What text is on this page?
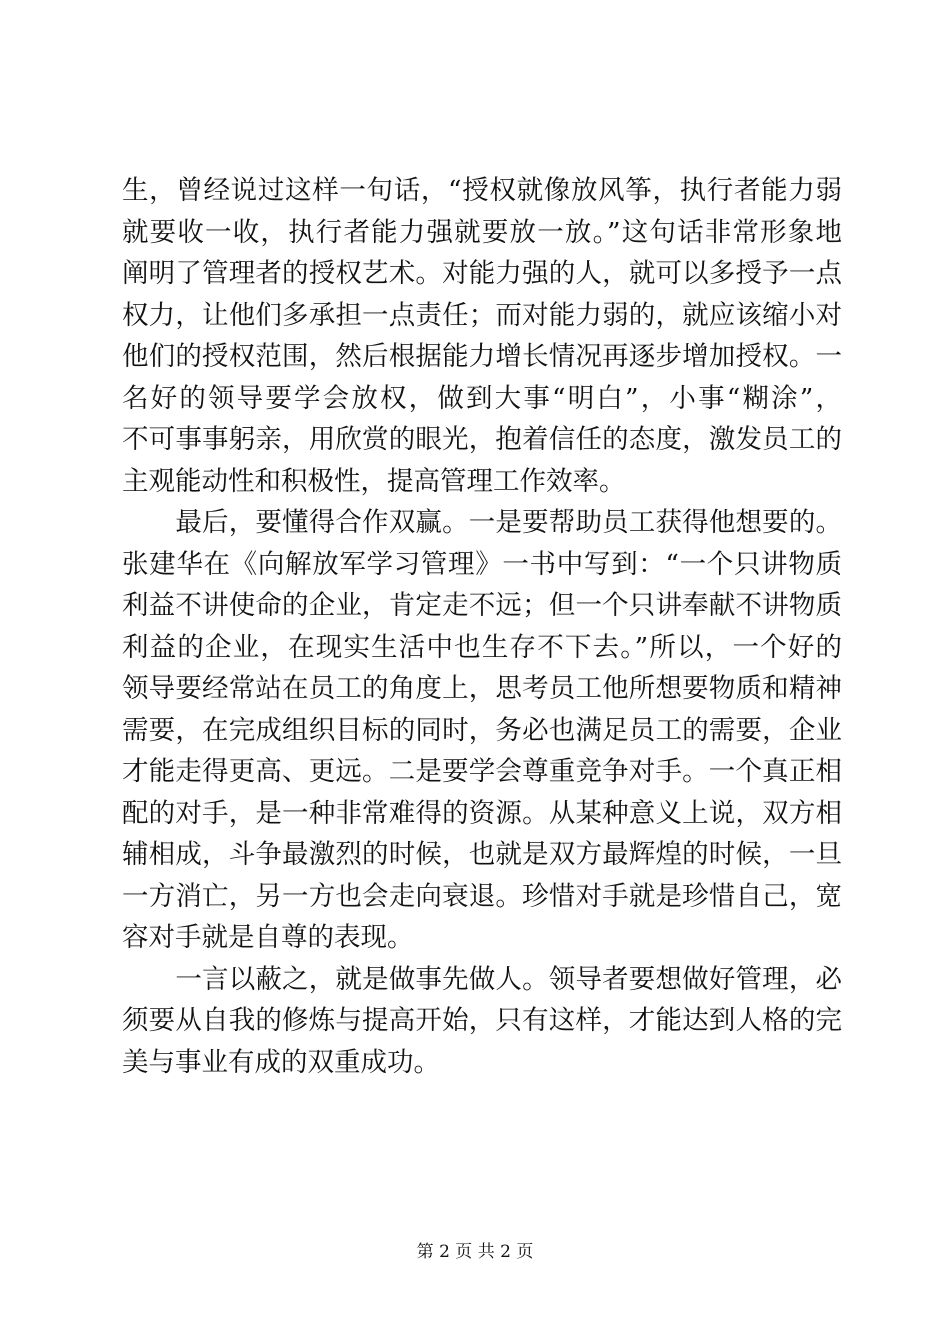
生，曾经说过这样一句话，“授权就像放风筝，执行者能力弱
就要收一收，执行者能力强就要放一放。”这句话非常形象地
阐明了管理者的授权艺术。对能力强的人，就可以多授予一点
权力，让他们多承担一点责任；而对能力弱的，就应该缩小对
他们的授权范围，然后根据能力增长情况再逐步增加授权。一
名好的领导要学会放权，做到大事“明白”，小事“糊涂”，
不可事事躬亲，用欣赏的眼光，抱着信任的态度，激发员工的
主观能动性和积极性，提高管理工作效率。
　　最后，要懂得合作双赢。一是要帮助员工获得他想要的。
张建华在《向解放军学习管理》一书中写到：“一个只讲物质
利益不讲使命的企业，肯定走不远；但一个只讲奉献不讲物质
利益的企业，在现实生活中也生存不下去。”所以，一个好的
领导要经常站在员工的角度上，思考员工他所想要物质和精神
需要，在完成组织目标的同时，务必也满足员工的需要，企业
才能走得更高、更远。二是要学会尊重竞争对手。一个真正相
配的对手，是一种非常难得的资源。从某种意义上说，双方相
辅相成，斗争最激烈的时候，也就是双方最辉煌的时候，一旦
一方消亡，另一方也会走向衰退。珍惜对手就是珍惜自己，宽
容对手就是自尊的表现。
　　一言以蔽之，就是做事先做人。领导者要想做好管理，必
须要从自我的修炼与提高开始，只有这样，才能达到人格的完
美与事业有成的双重成功。
第 2 页 共 2 页
